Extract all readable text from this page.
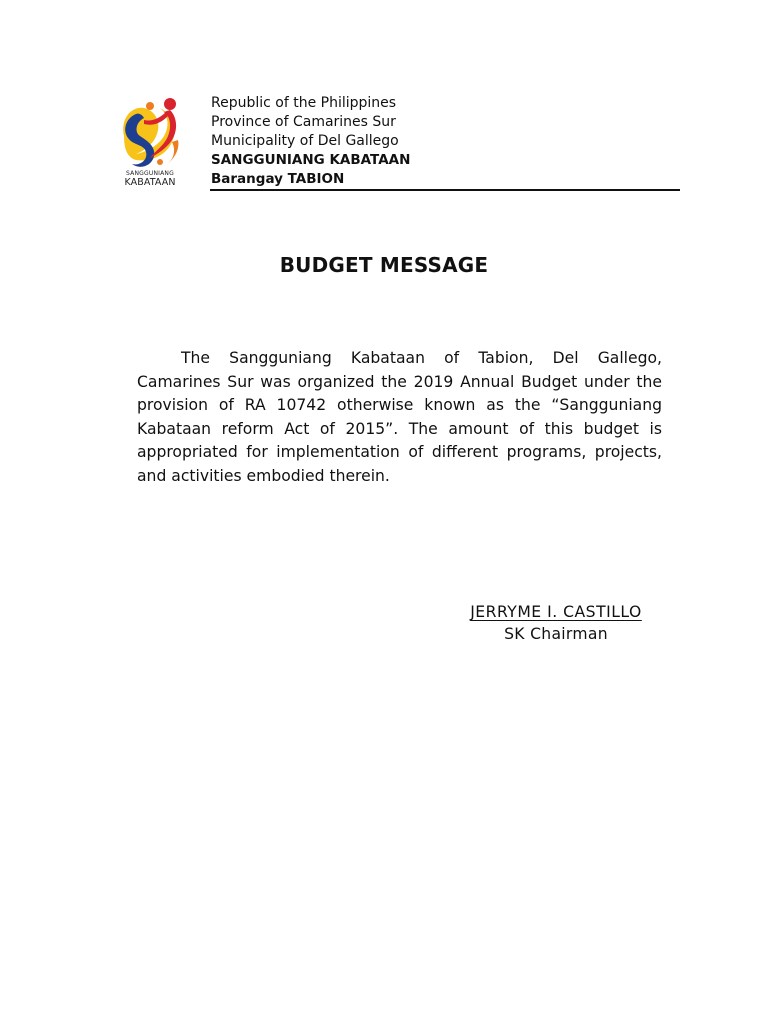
SANGGUNIANG
KABATAAN
Republic of the Philippines
Province of Camarines Sur
Municipality of Del Gallego
SANGGUNIANG KABATAAN
Barangay TABION
BUDGET MESSAGE

The Sangguniang Kabataan of Tabion, Del Gallego, Camarines Sur was organized the 2019 Annual Budget under the provision of RA 10742 otherwise known as the “Sangguniang Kabataan reform Act of 2015”. The amount of this budget is appropriated for implementation of different programs, projects, and activities embodied therein.

JERRYME I. CASTILLO
SK Chairman
